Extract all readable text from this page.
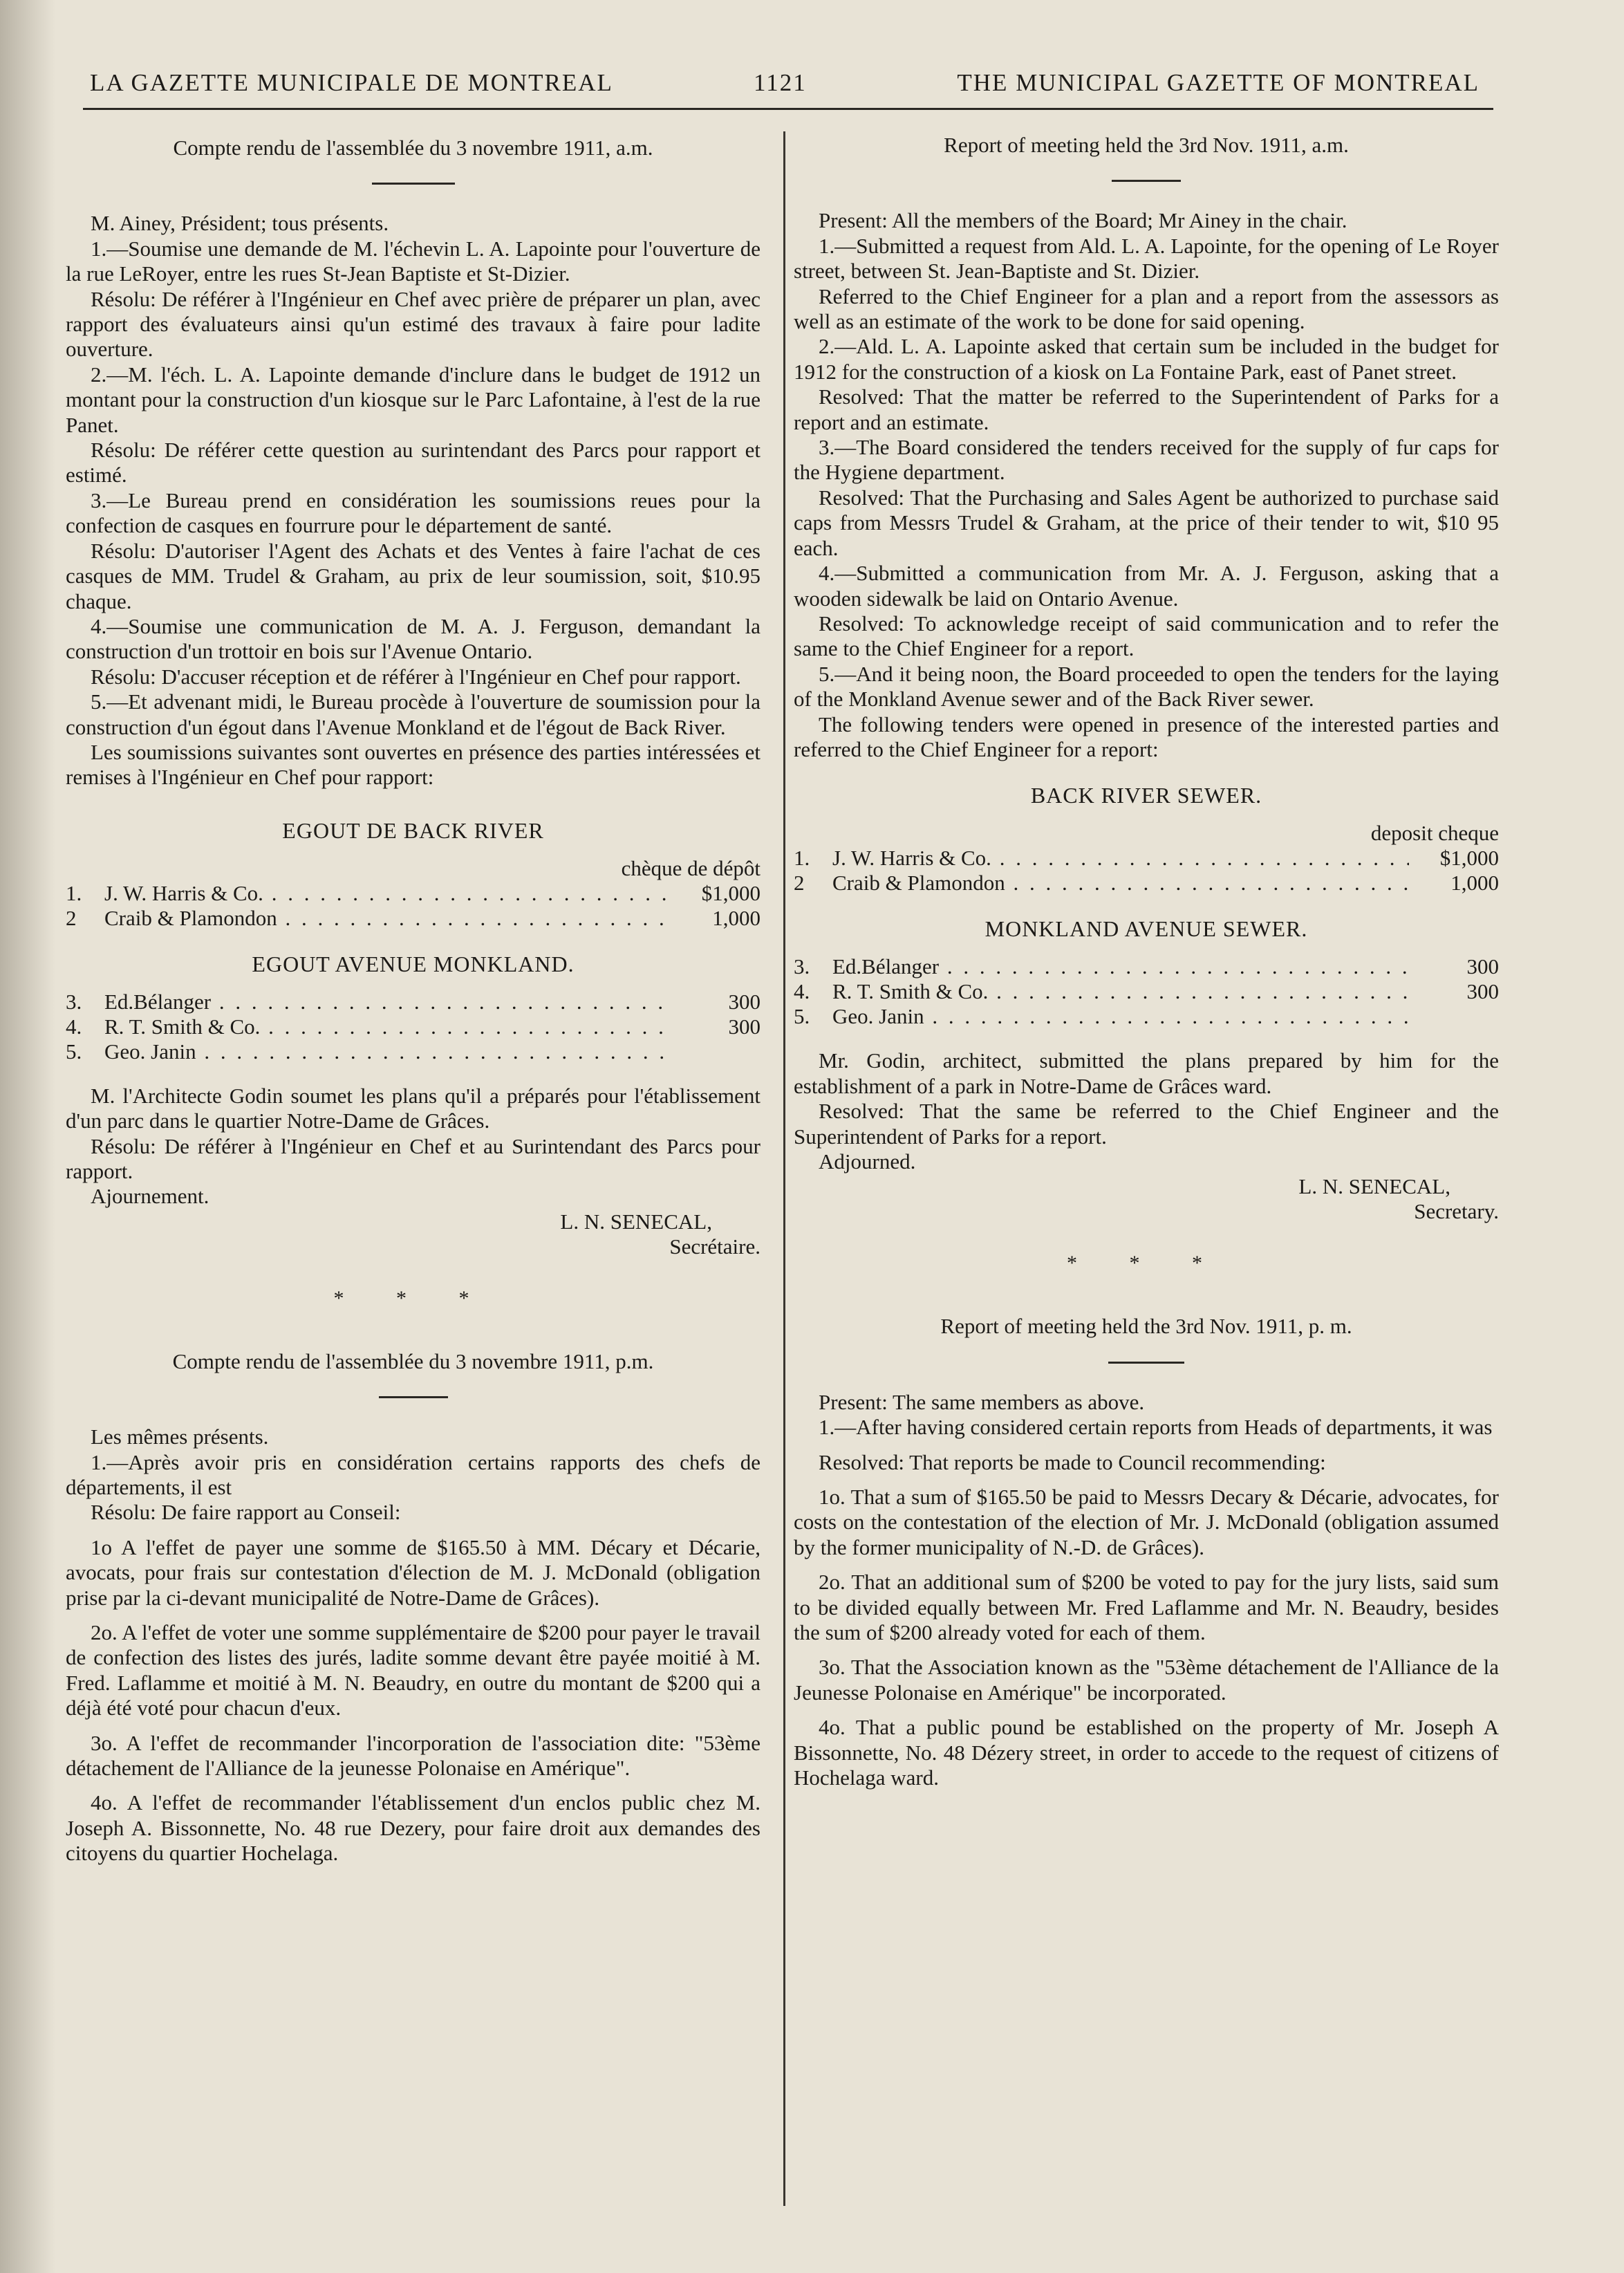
LA GAZETTE MUNICIPALE DE MONTREAL	1121	THE MUNICIPAL GAZETTE OF MONTREAL

Compte rendu de l'assemblée du 3 novembre 1911, a.m.

M. Ainey, Président; tous présents.

1.—Soumise une demande de M. l'échevin L. A. Lapointe pour l'ouverture de la rue LeRoyer, entre les rues St-Jean Baptiste et St-Dizier.

Résolu: De référer à l'Ingénieur en Chef avec prière de préparer un plan, avec rapport des évaluateurs ainsi qu'un estimé des travaux à faire pour ladite ouverture.

2.—M. l'éch. L. A. Lapointe demande d'inclure dans le budget de 1912 un montant pour la construction d'un kiosque sur le Parc Lafontaine, à l'est de la rue Panet.

Résolu: De référer cette question au surintendant des Parcs pour rapport et estimé.

3.—Le Bureau prend en considération les soumissions reues pour la confection de casques en fourrure pour le département de santé.

Résolu: D'autoriser l'Agent des Achats et des Ventes à faire l'achat de ces casques de MM. Trudel & Graham, au prix de leur soumission, soit, $10.95 chaque.

4.—Soumise une communication de M. A. J. Ferguson, demandant la construction d'un trottoir en bois sur l'Avenue Ontario.

Résolu: D'accuser réception et de référer à l'Ingénieur en Chef pour rapport.

5.—Et advenant midi, le Bureau procède à l'ouverture de soumission pour la construction d'un égout dans l'Avenue Monkland et de l'égout de Back River.

Les soumissions suivantes sont ouvertes en présence des parties intéressées et remises à l'Ingénieur en Chef pour rapport:

EGOUT DE BACK RIVER
chèque de dépôt
1.	J. W. Harris & Co. . . .	$1,000
2	Craib & Plamondon . . .	1,000
EGOUT AVENUE MONKLAND.
3.	Ed.Bélanger . . .	300
4.	R. T. Smith & Co. . . .	300
5.	Geo. Janin . . .

M. l'Architecte Godin soumet les plans qu'il a préparés pour l'établissement d'un parc dans le quartier Notre-Dame de Grâces.

Résolu: De référer à l'Ingénieur en Chef et au Surintendant des Parcs pour rapport.

Ajournement.

L. N. SENECAL,
Secrétaire.
* * *

Compte rendu de l'assemblée du 3 novembre 1911, p.m.

Les mêmes présents.

1.—Après avoir pris en considération certains rapports des chefs de départements, il est

Résolu: De faire rapport au Conseil:

1o A l'effet de payer une somme de $165.50 à MM. Décary et Décarie, avocats, pour frais sur contestation d'élection de M. J. McDonald (obligation prise par la ci-devant municipalité de Notre-Dame de Grâces).

2o. A l'effet de voter une somme supplémentaire de $200 pour payer le travail de confection des listes des jurés, ladite somme devant être payée moitié à M. Fred. Laflamme et moitié à M. N. Beaudry, en outre du montant de $200 qui a déjà été voté pour chacun d'eux.

3o. A l'effet de recommander l'incorporation de l'association dite: "53ème détachement de l'Alliance de la jeunesse Polonaise en Amérique".

4o. A l'effet de recommander l'établissement d'un enclos public chez M. Joseph A. Bissonnette, No. 48 rue Dezery, pour faire droit aux demandes des citoyens du quartier Hochelaga.

Report of meeting held the 3rd Nov. 1911, a.m.

Present: All the members of the Board; Mr Ainey in the chair.

1.—Submitted a request from Ald. L. A. Lapointe, for the opening of Le Royer street, between St. Jean-Baptiste and St. Dizier.

Referred to the Chief Engineer for a plan and a report from the assessors as well as an estimate of the work to be done for said opening.

2.—Ald. L. A. Lapointe asked that certain sum be included in the budget for 1912 for the construction of a kiosk on La Fontaine Park, east of Panet street.

Resolved: That the matter be referred to the Superintendent of Parks for a report and an estimate.

3.—The Board considered the tenders received for the supply of fur caps for the Hygiene department.

Resolved: That the Purchasing and Sales Agent be authorized to purchase said caps from Messrs Trudel & Graham, at the price of their tender to wit, $10 95 each.

4.—Submitted a communication from Mr. A. J. Ferguson, asking that a wooden sidewalk be laid on Ontario Avenue.

Resolved: To acknowledge receipt of said communication and to refer the same to the Chief Engineer for a report.

5.—And it being noon, the Board proceeded to open the tenders for the laying of the Monkland Avenue sewer and of the Back River sewer.

The following tenders were opened in presence of the interested parties and referred to the Chief Engineer for a report:

BACK RIVER SEWER.
deposit cheque
1.	J. W. Harris & Co. . . .	$1,000
2	Craib & Plamondon . . .	1,000
MONKLAND AVENUE SEWER.
3.	Ed.Bélanger . . .	300
4.	R. T. Smith & Co. . . .	300
5.	Geo. Janin . . .

Mr. Godin, architect, submitted the plans prepared by him for the establishment of a park in Notre-Dame de Grâces ward.

Resolved: That the same be referred to the Chief Engineer and the Superintendent of Parks for a report.

Adjourned.

L. N. SENECAL,
Secretary.
* * *

Report of meeting held the 3rd Nov. 1911, p. m.

Present: The same members as above.

1.—After having considered certain reports from Heads of departments, it was

Resolved: That reports be made to Council recommending:

1o. That a sum of $165.50 be paid to Messrs Decary & Décarie, advocates, for costs on the contestation of the election of Mr. J. McDonald (obligation assumed by the former municipality of N.-D. de Grâces).

2o. That an additional sum of $200 be voted to pay for the jury lists, said sum to be divided equally between Mr. Fred Laflamme and Mr. N. Beaudry, besides the sum of $200 already voted for each of them.

3o. That the Association known as the "53ème détachement de l'Alliance de la Jeunesse Polonaise en Amérique" be incorporated.

4o. That a public pound be established on the property of Mr. Joseph A Bissonnette, No. 48 Dézery street, in order to accede to the request of citizens of Hochelaga ward.
